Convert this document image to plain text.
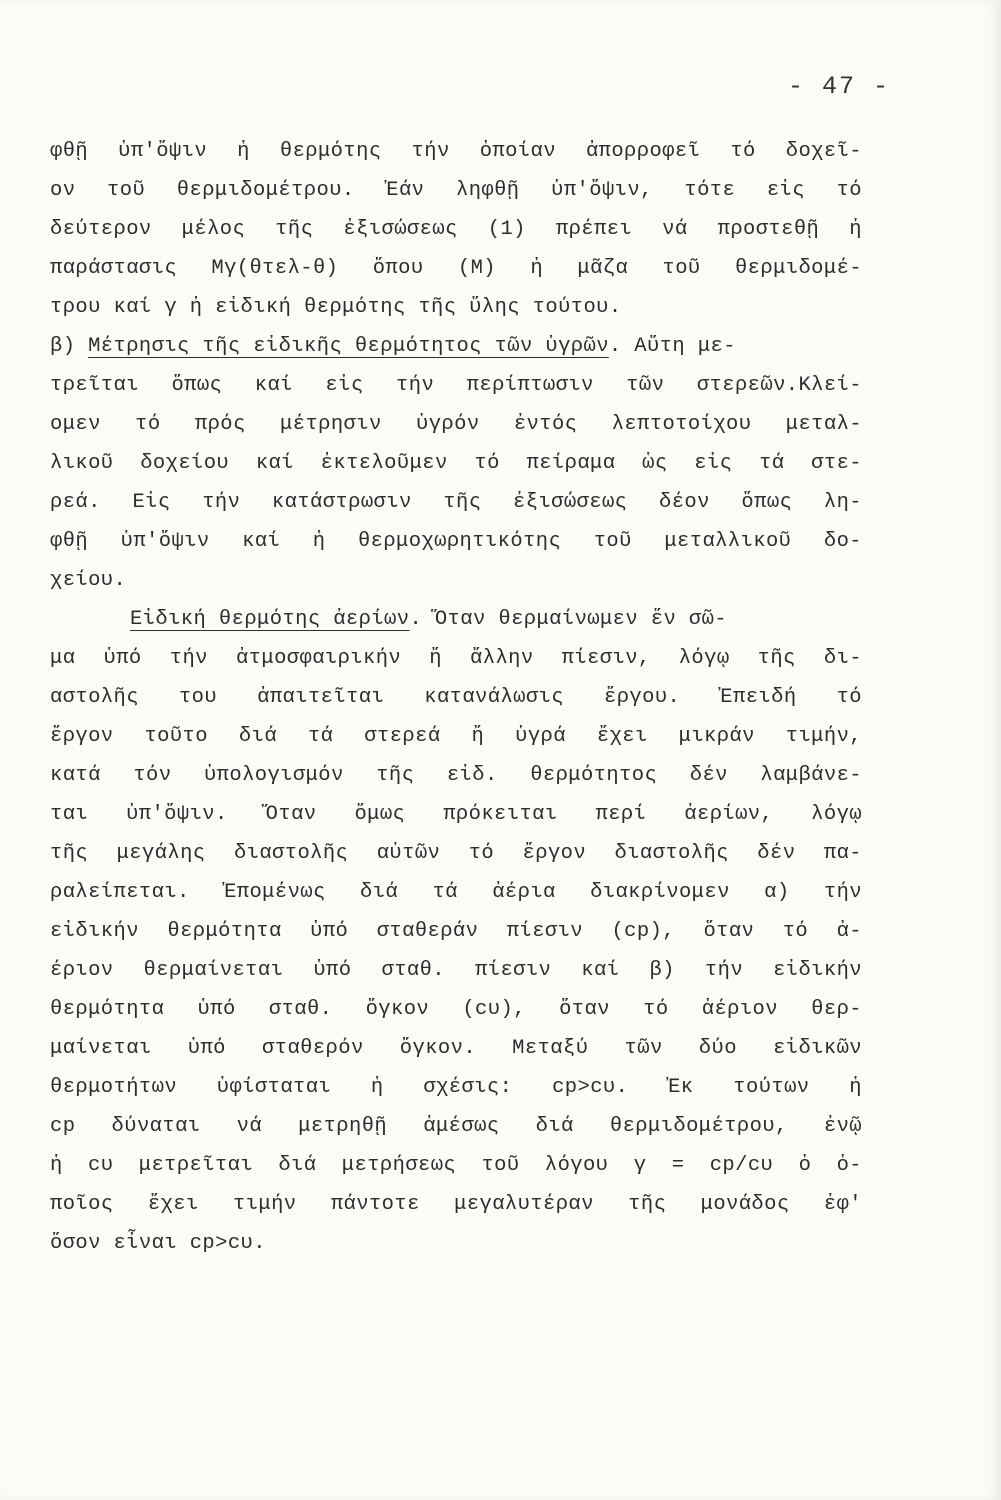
- 47 -
φθῇ ὑπ'ὄψιν ἡ θερμότης τήν ὁποίαν ἀπορροφεῖ τό δοχεῖ-
ον τοῦ θερμιδομέτρου. Ἐάν ληφθῇ ὑπ'ὄψιν, τότε εἰς τό
δεύτερον μέλος τῆς ἐξισώσεως (1) πρέπει νά προστεθῇ ἡ
παράστασις Μγ(θτελ-θ) ὅπου (Μ) ἡ μᾶζα τοῦ θερμιδομέ-
τρου καί γ ἡ εἰδική θερμότης τῆς ὕλης τούτου.
β) Μέτρησις τῆς εἰδικῆς θερμότητος τῶν ὑγρῶν. Αὕτη με-
τρεῖται ὅπως καί εἰς τήν περίπτωσιν τῶν στερεῶν.Κλεί-
ομεν τό πρός μέτρησιν ὑγρόν ἐντός λεπτοτοίχου μεταλ-
λικοῦ δοχείου καί ἐκτελοῦμεν τό πείραμα ὡς εἰς τά στε-
ρεά. Εἰς τήν κατάστρωσιν τῆς ἐξισώσεως δέον ὅπως λη-
φθῇ ὑπ'ὄψιν καί ἡ θερμοχωρητικότης τοῦ μεταλλικοῦ δο-
χείου.
Εἰδική θερμότης ἀερίων. Ὅταν θερμαίνωμεν ἕν σῶ-
μα ὑπό τήν ἀτμοσφαιρικήν ἤ ἄλλην πίεσιν, λόγῳ τῆς δι-
αστολῆς του ἀπαιτεῖται κατανάλωσις ἔργου. Ἐπειδή τό
ἔργον τοῦτο διά τά στερεά ἤ ὑγρά ἔχει μικράν τιμήν,
κατά τόν ὑπολογισμόν τῆς εἰδ. θερμότητος δέν λαμβάνε-
ται ὑπ'ὄψιν. Ὅταν ὅμως πρόκειται περί ἀερίων, λόγῳ
τῆς μεγάλης διαστολῆς αὐτῶν τό ἔργον διαστολῆς δέν πα-
ραλείπεται. Ἐπομένως διά τά ἀέρια διακρίνομεν α) τήν
εἰδικήν θερμότητα ὑπό σταθεράν πίεσιν (cp), ὅταν τό ἀ-
έριον θερμαίνεται ὑπό σταθ. πίεσιν καί β) τήν εἰδικήν
θερμότητα ὑπό σταθ. ὄγκον (cυ), ὅταν τό ἀέριον θερ-
μαίνεται ὑπό σταθερόν ὄγκον. Μεταξύ τῶν δύο εἰδικῶν
θερμοτήτων ὑφίσταται ἡ σχέσις: cp>cυ. Ἐκ τούτων ἡ
cp δύναται νά μετρηθῇ ἀμέσως διά θερμιδομέτρου, ἐνῷ
ἡ cυ μετρεῖται διά μετρήσεως τοῦ λόγου γ = cp/cυ ὁ ὁ-
ποῖος ἔχει τιμήν πάντοτε μεγαλυτέραν τῆς μονάδος ἐφ'
ὅσον εἶναι cp>cυ.
